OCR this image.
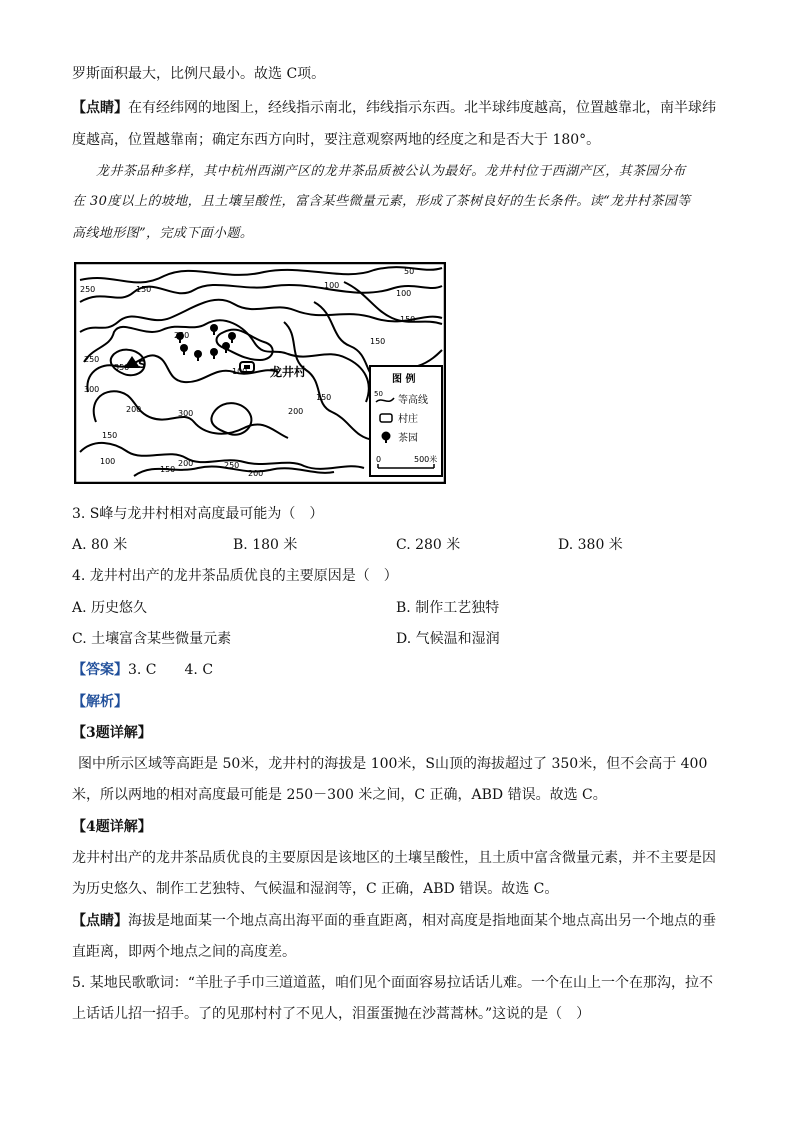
罗斯面积最大，比例尺最小。故选 C项。
【点睛】在有经纬网的地图上，经线指示南北，纬线指示东西。北半球纬度越高，位置越靠北，南半球纬
度越高，位置越靠南；确定东西方向时，要注意观察两地的经度之和是否大于 180°。
龙井茶品种多样，其中杭州西湖产区的龙井茶品质被公认为最好。龙井村位于西湖产区，其茶园分布
在 30度以上的坡地，且土壤呈酸性，富含某些微量元素，形成了茶树良好的生长条件。读“龙井村茶园等
高线地形图”，完成下面小题。
S
龙井村
250	150	100
50
100
150
150
250
300
350
250
100
300	200
200
150
100	200
150	250
200
150
图 例
50
等高线
村庄
茶园
0	500米
3. S峰与龙井村相对高度最可能为（　）
A. 80 米	B. 180 米	C. 280 米	D. 380 米
4. 龙井村出产的龙井茶品质优良的主要原因是（　）
A. 历史悠久	B. 制作工艺独特
C. 土壤富含某些微量元素	D. 气候温和湿润
【答案】3. C　　4. C
【解析】
【3题详解】
图中所示区域等高距是 50米，龙井村的海拔是 100米，S山顶的海拔超过了 350米，但不会高于 400
米，所以两地的相对高度最可能是 250－300 米之间，C 正确，ABD 错误。故选 C。
【4题详解】
龙井村出产的龙井茶品质优良的主要原因是该地区的土壤呈酸性，且土质中富含微量元素，并不主要是因
为历史悠久、制作工艺独特、气候温和湿润等，C 正确，ABD 错误。故选 C。
【点睛】海拔是地面某一个地点高出海平面的垂直距离，相对高度是指地面某个地点高出另一个地点的垂
直距离，即两个地点之间的高度差。
5. 某地民歌歌词：“羊肚子手巾三道道蓝，咱们见个面面容易拉话话儿难。一个在山上一个在那沟，拉不
上话话儿招一招手。了的见那村村了不见人，泪蛋蛋抛在沙蒿蒿林。”这说的是（　）
